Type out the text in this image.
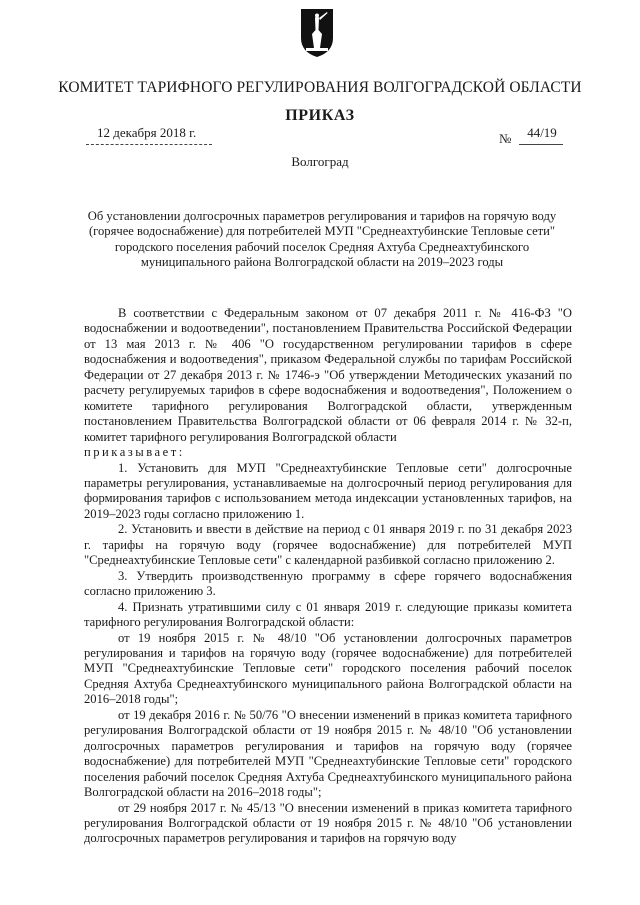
КОМИТЕТ ТАРИФНОГО РЕГУЛИРОВАНИЯ ВОЛГОГРАДСКОЙ ОБЛАСТИ
ПРИКАЗ
12 декабря 2018 г.	№	44/19
Волгоград
Об установлении долгосрочных параметров регулирования и тарифов на горячую воду (горячее водоснабжение) для потребителей МУП "Среднеахтубинские Тепловые сети" городского поселения рабочий поселок Средняя Ахтуба Среднеахтубинского муниципального района Волгоградской области на 2019–2023 годы

В соответствии с Федеральным законом от 07 декабря 2011 г. № 416-ФЗ "О водоснабжении и водоотведении", постановлением Правительства Российской Федерации от 13 мая 2013 г. № 406 "О государственном регулировании тарифов в сфере водоснабжения и водоотведения", приказом Федеральной службы по тарифам Российской Федерации от 27 декабря 2013 г. № 1746-э "Об утверждении Методических указаний по расчету регулируемых тарифов в сфере водоснабжения и водоотведения", Положением о комитете тарифного регулирования Волгоградской области, утвержденным постановлением Правительства Волгоградской области от 06 февраля 2014 г. № 32-п, комитет тарифного регулирования Волгоградской области

приказывает:

1. Установить для МУП "Среднеахтубинские Тепловые сети" долгосрочные параметры регулирования, устанавливаемые на долгосрочный период регулирования для формирования тарифов с использованием метода индексации установленных тарифов, на 2019–2023 годы согласно приложению 1.

2. Установить и ввести в действие на период с 01 января 2019 г. по 31 декабря 2023 г. тарифы на горячую воду (горячее водоснабжение) для потребителей МУП "Среднеахтубинские Тепловые сети" с календарной разбивкой согласно приложению 2.

3. Утвердить производственную программу в сфере горячего водоснабжения согласно приложению 3.

4. Признать утратившими силу с 01 января 2019 г. следующие приказы комитета тарифного регулирования Волгоградской области:

от 19 ноября 2015 г. № 48/10 "Об установлении долгосрочных параметров регулирования и тарифов на горячую воду (горячее водоснабжение) для потребителей МУП "Среднеахтубинские Тепловые сети" городского поселения рабочий поселок Средняя Ахтуба Среднеахтубинского муниципального района Волгоградской области на 2016–2018 годы";

от 19 декабря 2016 г. № 50/76 "О внесении изменений в приказ комитета тарифного регулирования Волгоградской области от 19 ноября 2015 г. № 48/10 "Об установлении долгосрочных параметров регулирования и тарифов на горячую воду (горячее водоснабжение) для потребителей МУП "Среднеахтубинские Тепловые сети" городского поселения рабочий поселок Средняя Ахтуба Среднеахтубинского муниципального района Волгоградской области на 2016–2018 годы";

от 29 ноября 2017 г. № 45/13 "О внесении изменений в приказ комитета тарифного регулирования Волгоградской области от 19 ноября 2015 г. № 48/10 "Об установлении долгосрочных параметров регулирования и тарифов на горячую воду
